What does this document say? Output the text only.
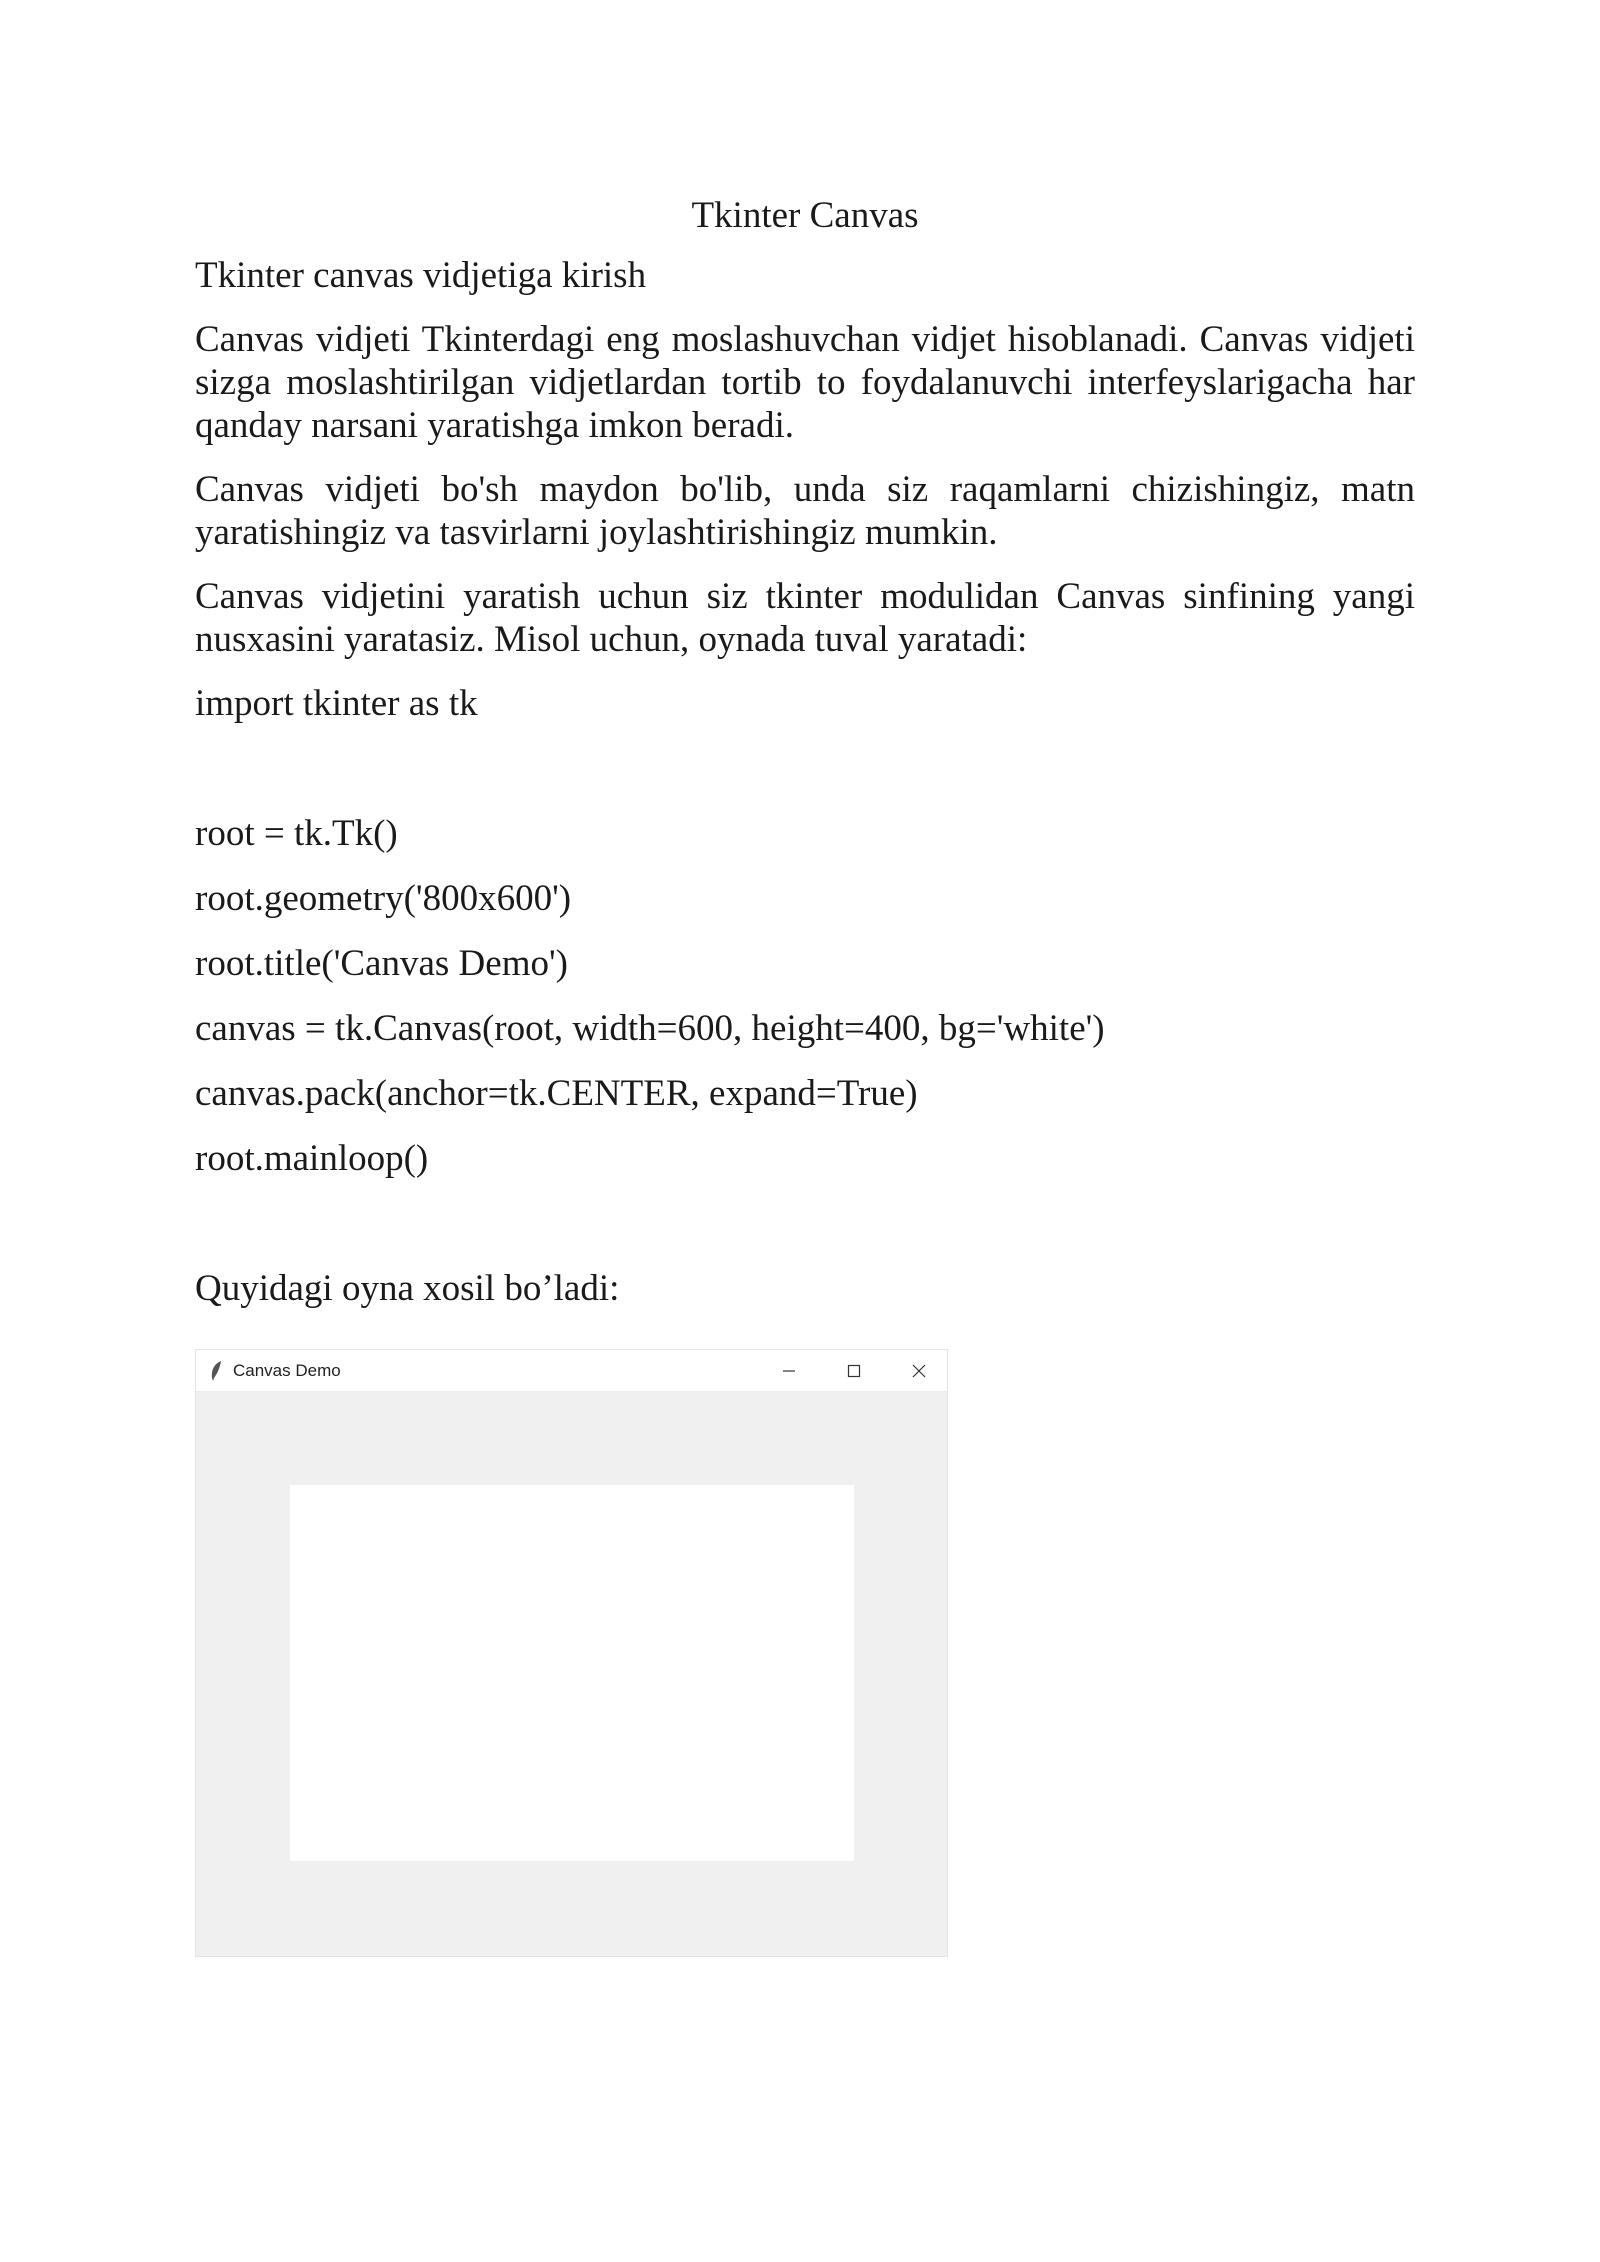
Tkinter Canvas

Tkinter canvas vidjetiga kirish

Canvas vidjeti Tkinterdagi eng moslashuvchan vidjet hisoblanadi. Canvas vidjeti sizga moslashtirilgan vidjetlardan tortib to foydalanuvchi interfeyslarigacha har qanday narsani yaratishga imkon beradi.

Canvas vidjeti bo'sh maydon bo'lib, unda siz raqamlarni chizishingiz, matn yaratishingiz va tasvirlarni joylashtirishingiz mumkin.

Canvas vidjetini yaratish uchun siz tkinter modulidan Canvas sinfining yangi nusxasini yaratasiz. Misol uchun, oynada tuval yaratadi:

import tkinter as tk
root = tk.Tk()
root.geometry('800x600')
root.title('Canvas Demo')
canvas = tk.Canvas(root, width=600, height=400, bg='white')
canvas.pack(anchor=tk.CENTER, expand=True)
root.mainloop()

Quyidagi oyna xosil bo’ladi:

Canvas Demo
